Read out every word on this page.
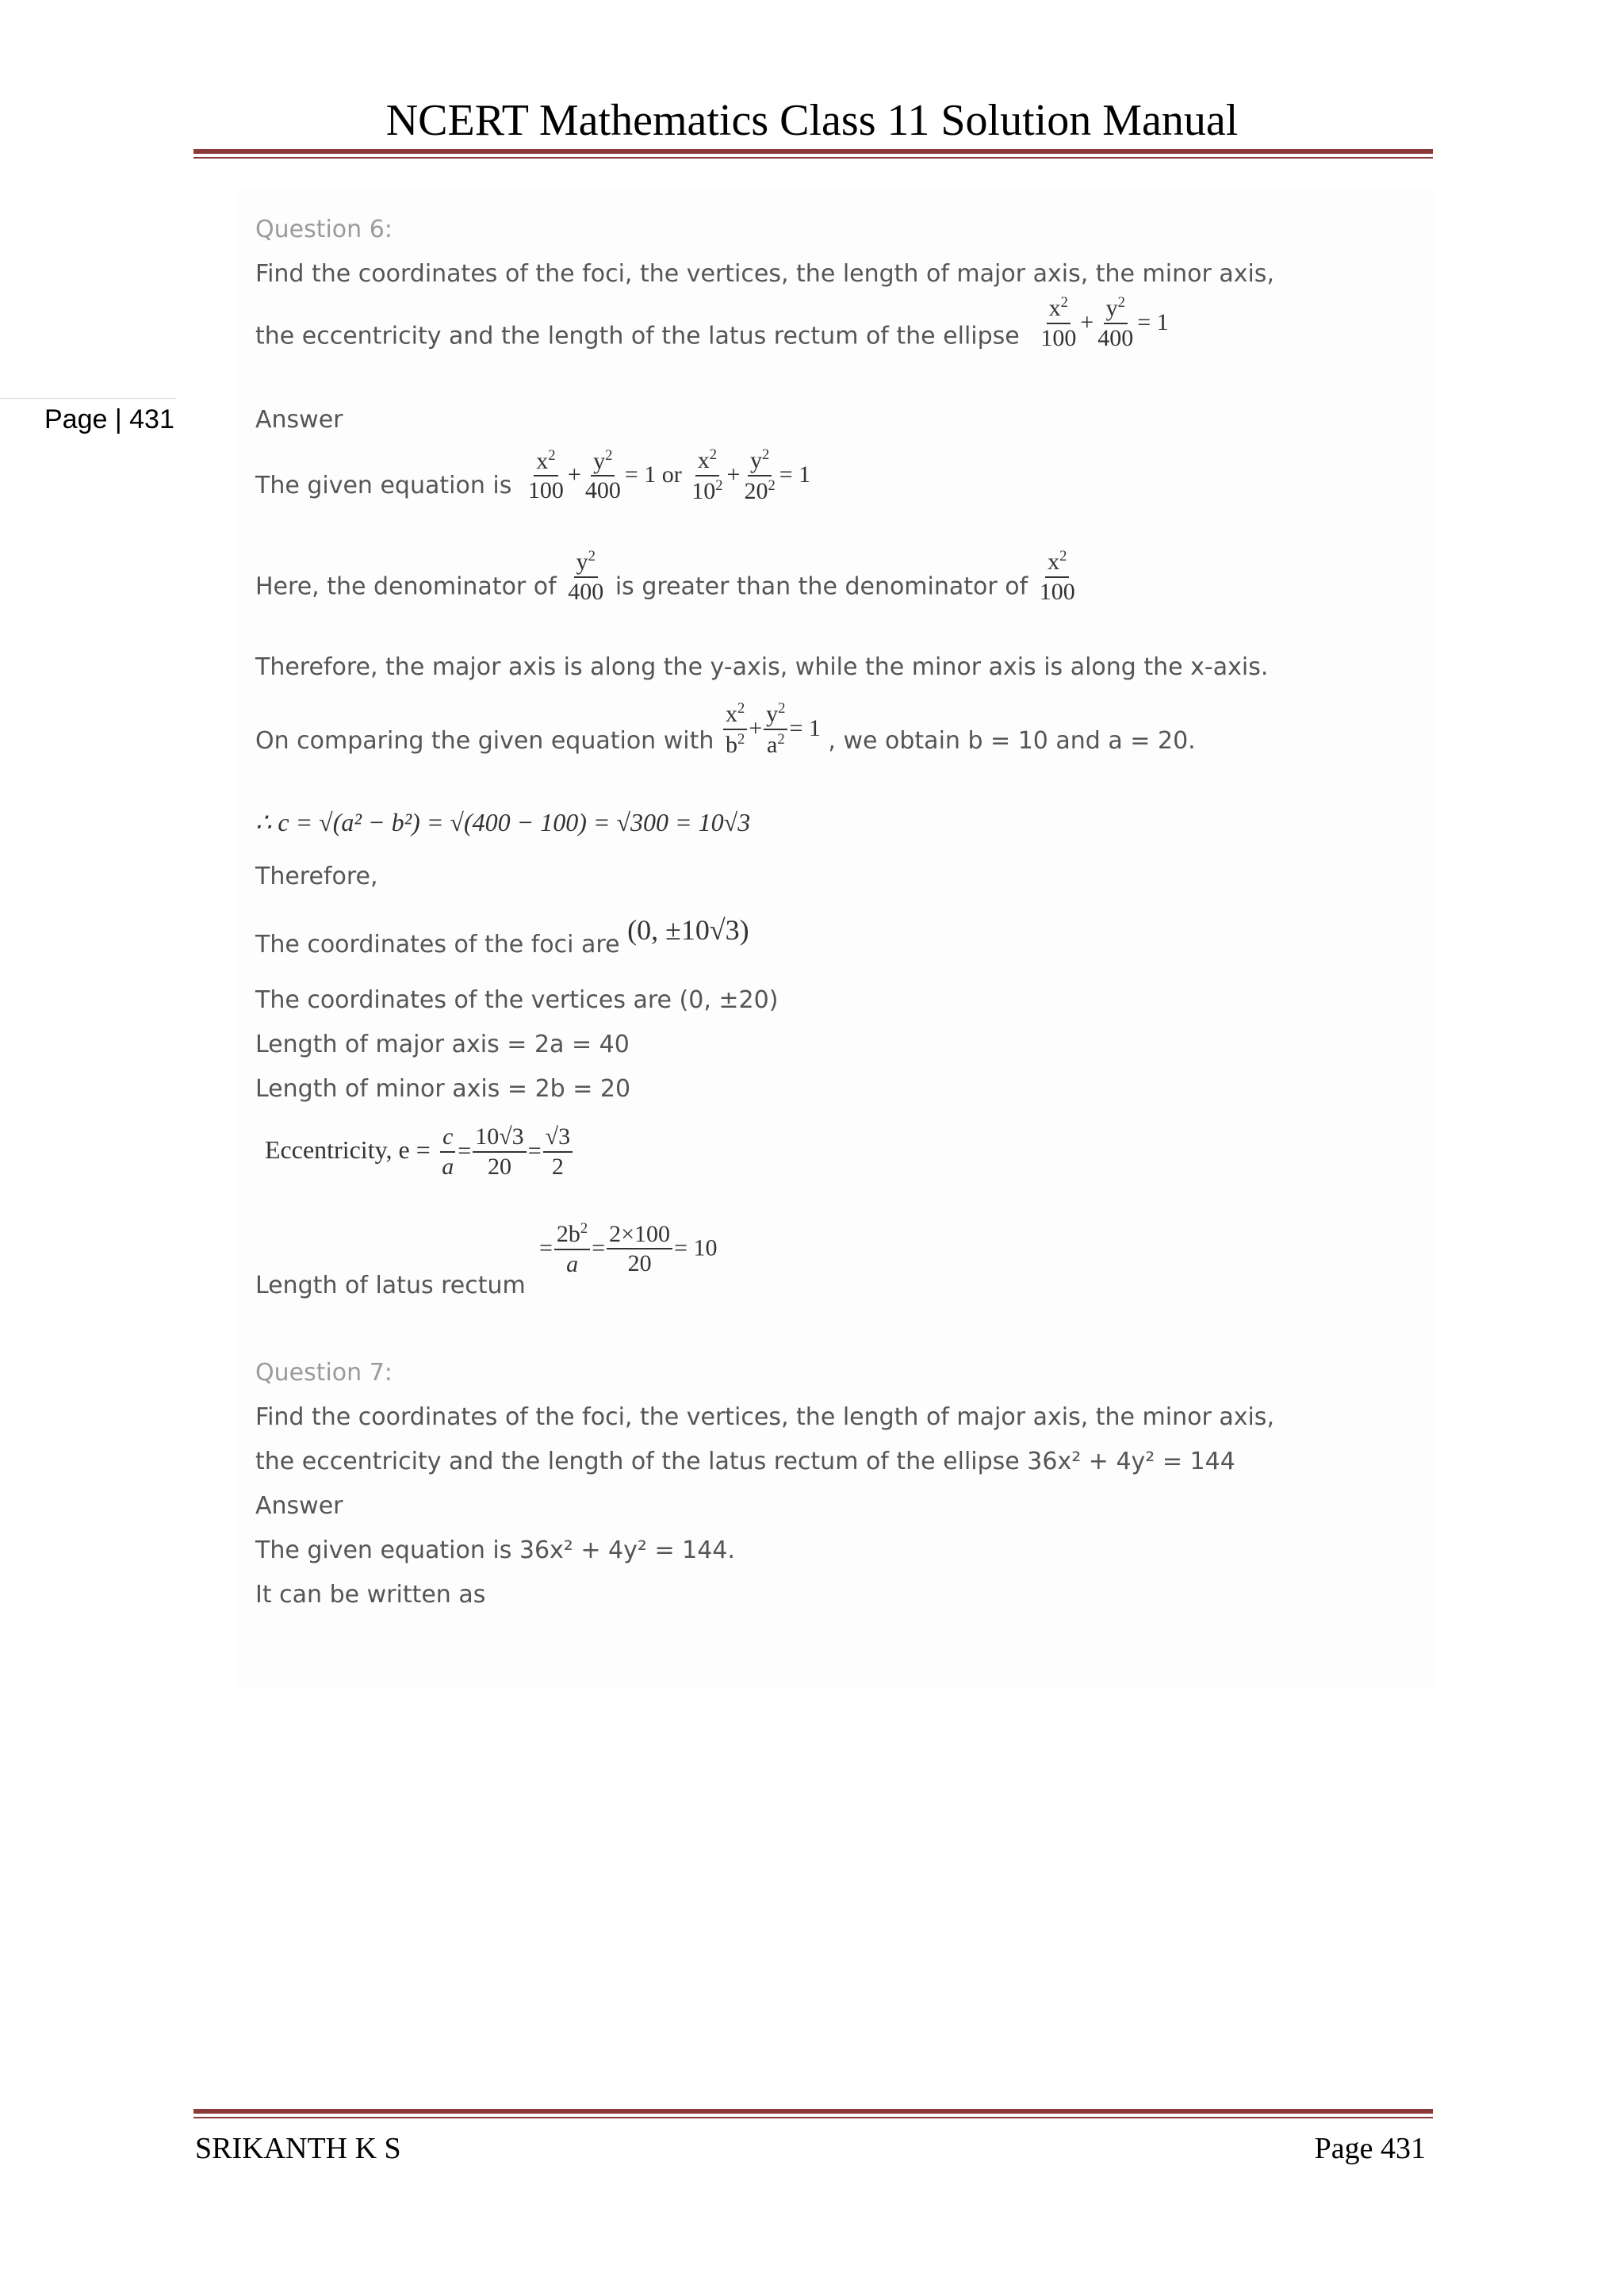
NCERT Mathematics Class 11 Solution Manual
Page | 431
Question 6:
Find the coordinates of the foci, the vertices, the length of major axis, the minor axis,
the eccentricity and the length of the latus rectum of the ellipse $\frac{x^2}{100} + \frac{y^2}{400} = 1$
Answer
The given equation is $\frac{x^2}{100} + \frac{y^2}{400} = 1$ or $\frac{x^2}{10^2} + \frac{y^2}{20^2} = 1$
Here, the denominator of $\frac{y^2}{400}$ is greater than the denominator of $\frac{x^2}{100}$
Therefore, the major axis is along the y-axis, while the minor axis is along the x-axis.
On comparing the given equation with $\frac{x^2}{b^2} + \frac{y^2}{a^2} = 1$ , we obtain b = 10 and a = 20.
∴ c = √(a² − b²) = √(400 − 100) = √300 = 10√3
Therefore,
The coordinates of the foci are (0, ±10√3)
The coordinates of the vertices are (0, ±20)
Length of major axis = 2a = 40
Length of minor axis = 2b = 20
Eccentricity, $e = \frac{c}{a} = \frac{10√3}{20} = \frac{√3}{2}$
Length of latus rectum
= $\frac{2b^2}{a} = \frac{2\times 100}{20} = 10$
Question 7:
Find the coordinates of the foci, the vertices, the length of major axis, the minor axis,
the eccentricity and the length of the latus rectum of the ellipse 36x² + 4y² = 144
Answer
The given equation is 36x² + 4y² = 144.
It can be written as
SRIKANTH K S	Page 431
